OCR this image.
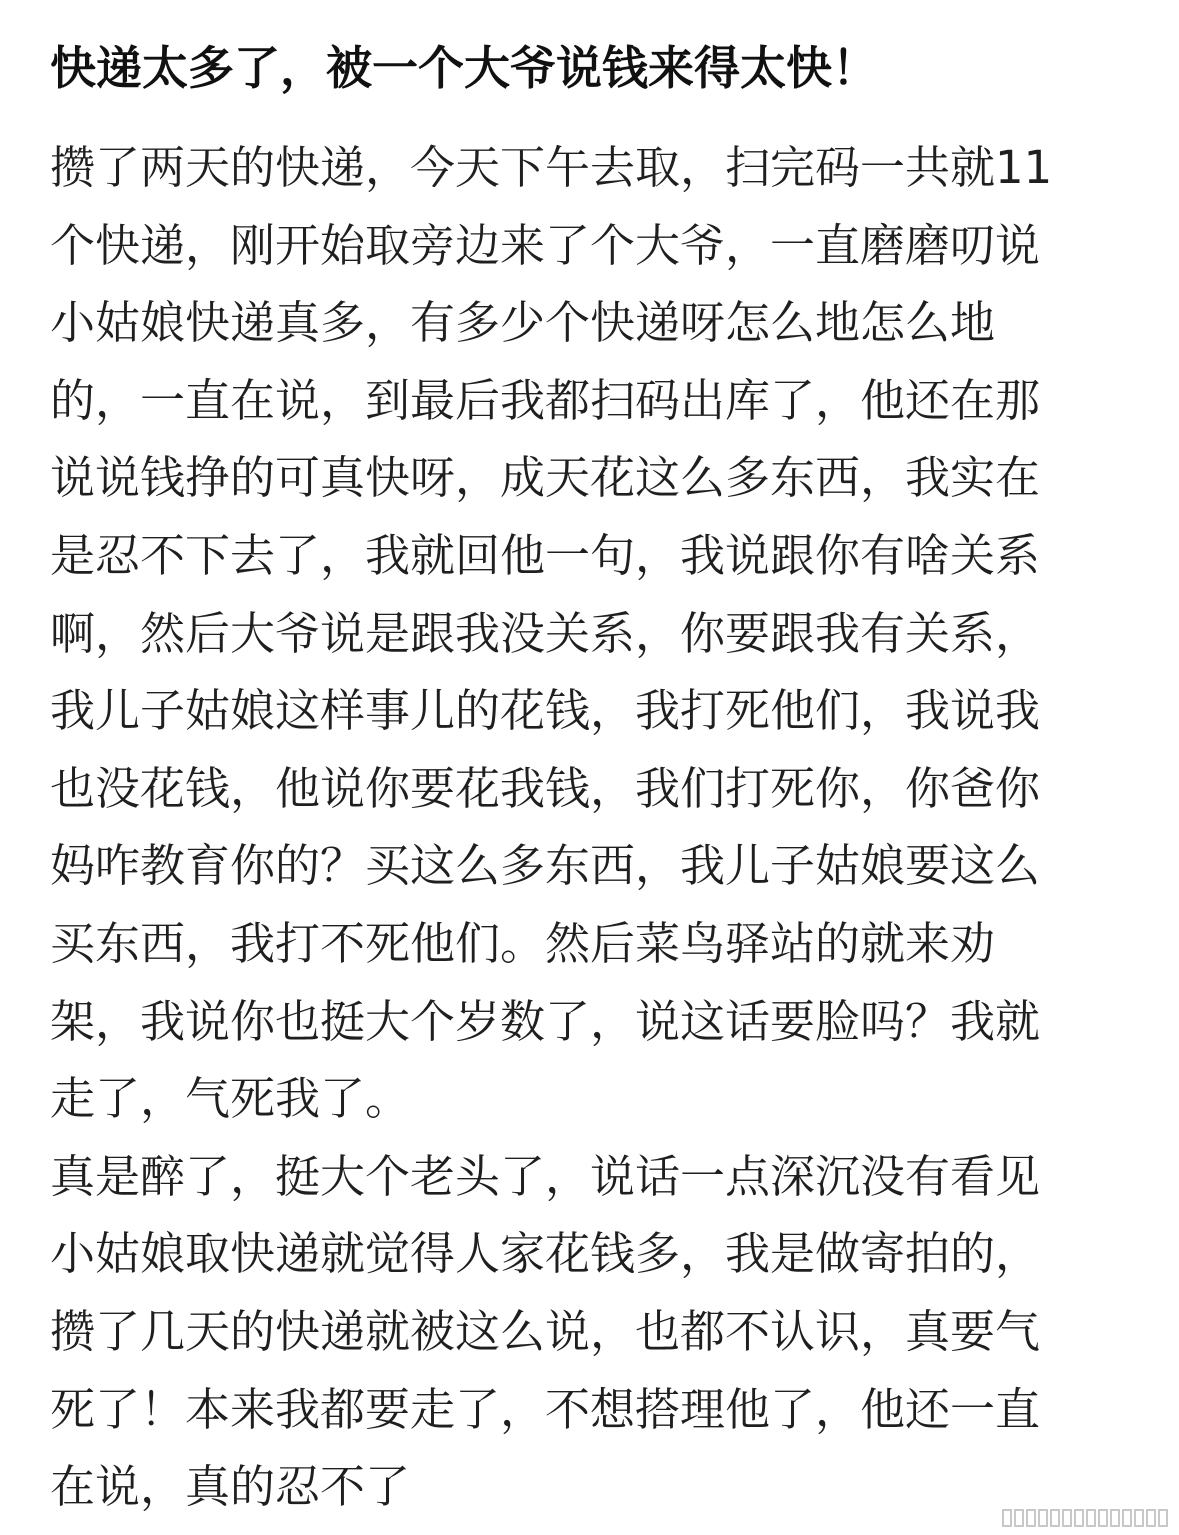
快递太多了，被一个大爷说钱来得太快！
攒了两天的快递，今天下午去取，扫完码一共就11
个快递，刚开始取旁边来了个大爷，一直磨磨叨说
小姑娘快递真多，有多少个快递呀怎么地怎么地
的，一直在说，到最后我都扫码出库了，他还在那
说说钱挣的可真快呀，成天花这么多东西，我实在
是忍不下去了，我就回他一句，我说跟你有啥关系
啊，然后大爷说是跟我没关系，你要跟我有关系，
我儿子姑娘这样事儿的花钱，我打死他们，我说我
也没花钱，他说你要花我钱，我们打死你，你爸你
妈咋教育你的？买这么多东西，我儿子姑娘要这么
买东西，我打不死他们。然后菜鸟驿站的就来劝
架，我说你也挺大个岁数了，说这话要脸吗？我就
走了，气死我了。
真是醉了，挺大个老头了，说话一点深沉没有看见
小姑娘取快递就觉得人家花钱多，我是做寄拍的，
攒了几天的快递就被这么说，也都不认识，真要气
死了！本来我都要走了，不想搭理他了，他还一直
在说，真的忍不了
